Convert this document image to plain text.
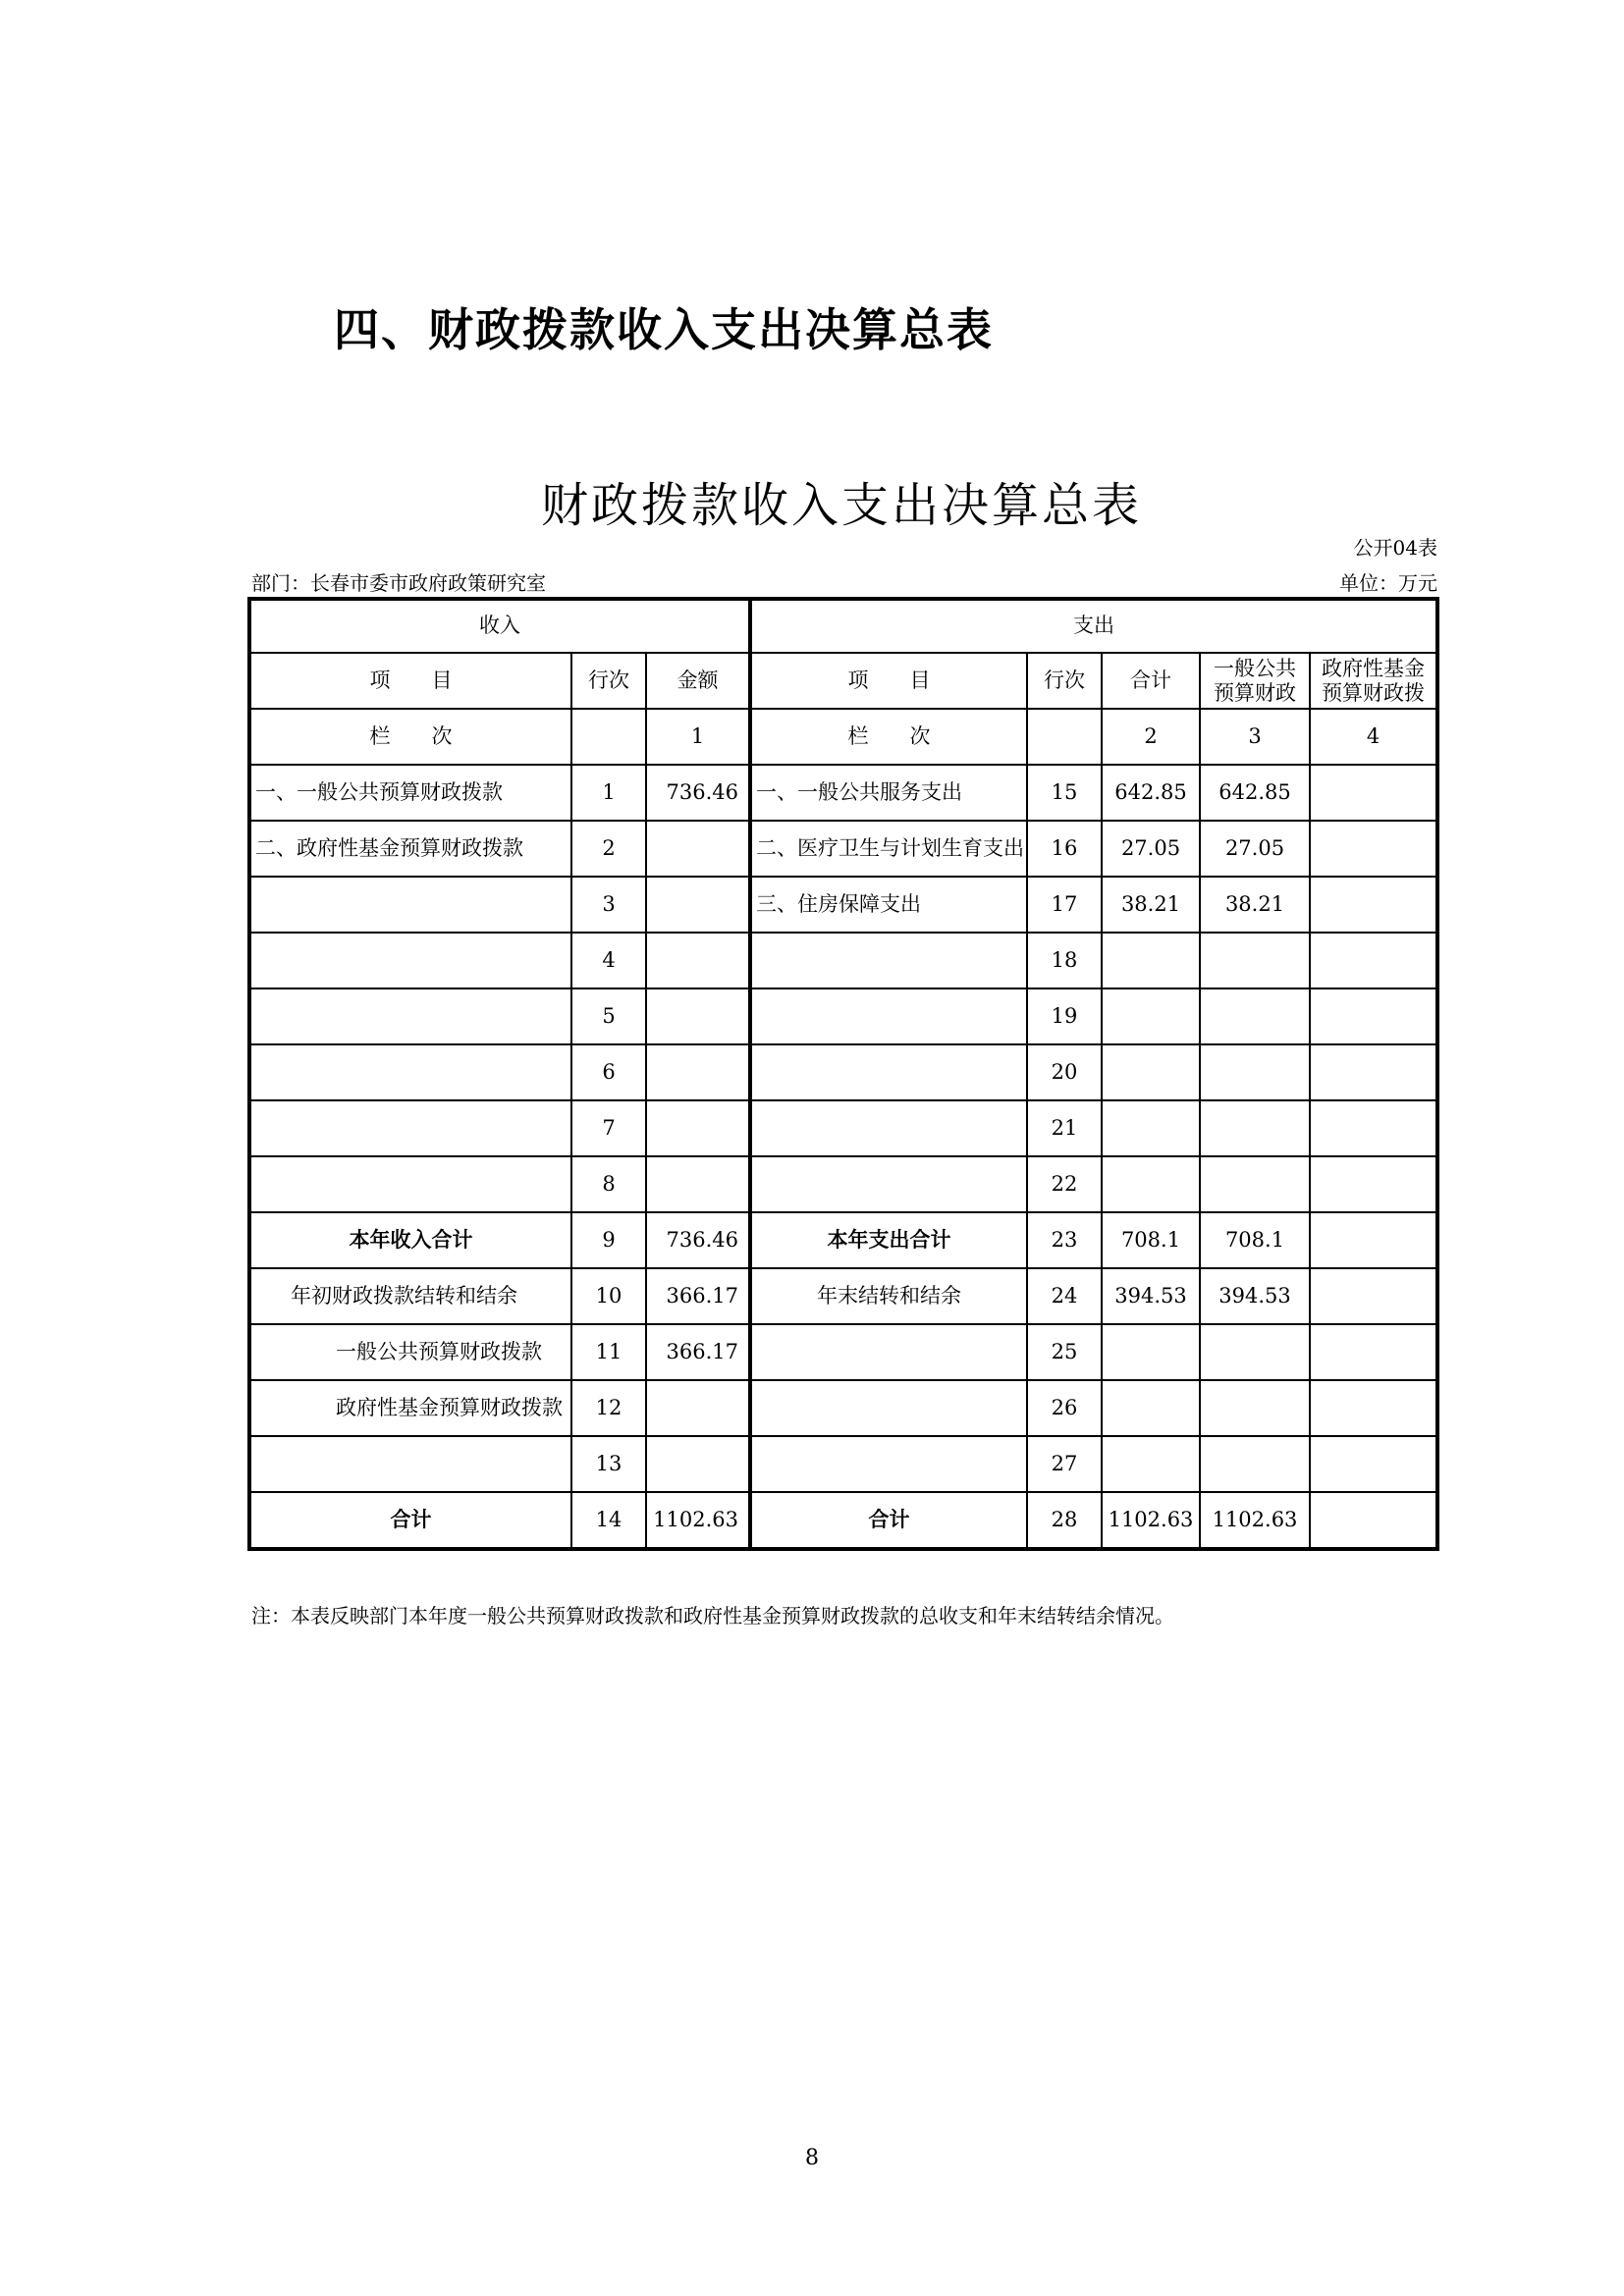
四、财政拨款收入支出决算总表
财政拨款收入支出决算总表
公开04表
部门：长春市委市政府政策研究室	单位：万元
收入			支出				
项　　目	行次	金额	项　　目	行次	合计	一般公共预算财政	政府性基金预算财政拨
栏　　次		1	栏　　次		2	3	4
一、一般公共预算财政拨款	1	736.46	一、一般公共服务支出	15	642.85	642.85	
二、政府性基金预算财政拨款	2		二、医疗卫生与计划生育支出	16	27.05	27.05	
	3		三、住房保障支出	17	38.21	38.21	
	4			18			
	5			19			
	6			20			
	7			21			
	8			22			
本年收入合计	9	736.46	本年支出合计	23	708.1	708.1	
年初财政拨款结转和结余	10	366.17	年末结转和结余	24	394.53	394.53	
一般公共预算财政拨款	11	366.17		25			
政府性基金预算财政拨款	12			26			
	13			27			
合计	14	1102.63	合计	28	1102.63	1102.63	
注：本表反映部门本年度一般公共预算财政拨款和政府性基金预算财政拨款的总收支和年末结转结余情况。
8
